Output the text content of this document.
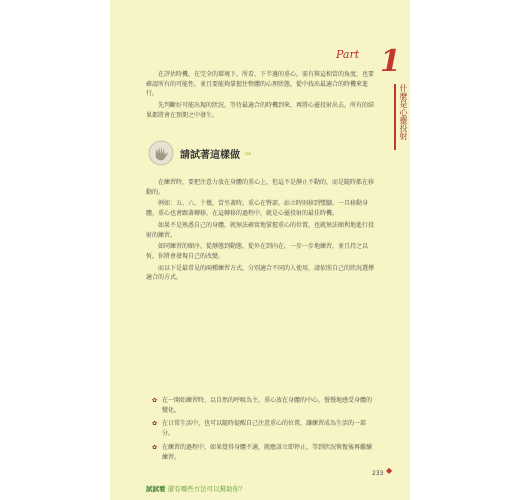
Part 1
什麼是心靈投射

在評估時機，在完全的環境下，所看、下半邊的重心，需有與這相當的角度，也要確認所有的可能性，並且要能夠掌握住整體的心理狀態，從中找出最適合的時機來進行。

先判斷好可能出現的狀況，等待最適合的時機到來，再將心靈投射出去，所有的結果都將會在預期之中發生。

請試著這樣做 ›››

在練習時，要把注意力放在身體的重心上，但這不是靜止不動的，而是隨時都在移動的。

例如：五、六、十幾，當坐著時，重心在臀部，站立時則移到雙腳。一旦移動身體，重心也會跟著轉移，在這轉移的過程中，就是心靈投射的最佳時機。

如果不是熟悉自己的身體，就無法確實地掌握重心的位置，也就無法順利地進行投射的練習。

如同練習的順序，從靜態到動態，從外在到內在，一步一步地練習，並且持之以恆，你將會發現自己的改變。

而以下是最常見的兩種練習方式，分別適合不同的人使用，請依照自己的狀況選擇適合的方式。

✿ 在一開始練習時，以自然的呼吸為主，重心放在身體的中心，慢慢地感受身體的變化。
✿ 在日常生活中，也可以隨時提醒自己注意重心的位置，讓練習成為生活的一部分。
✿ 在練習的過程中，如果覺得身體不適，就應該立即停止，等到狀況恢復後再繼續練習。
試試看 還有哪些方法可以幫助你？
233 ◆
